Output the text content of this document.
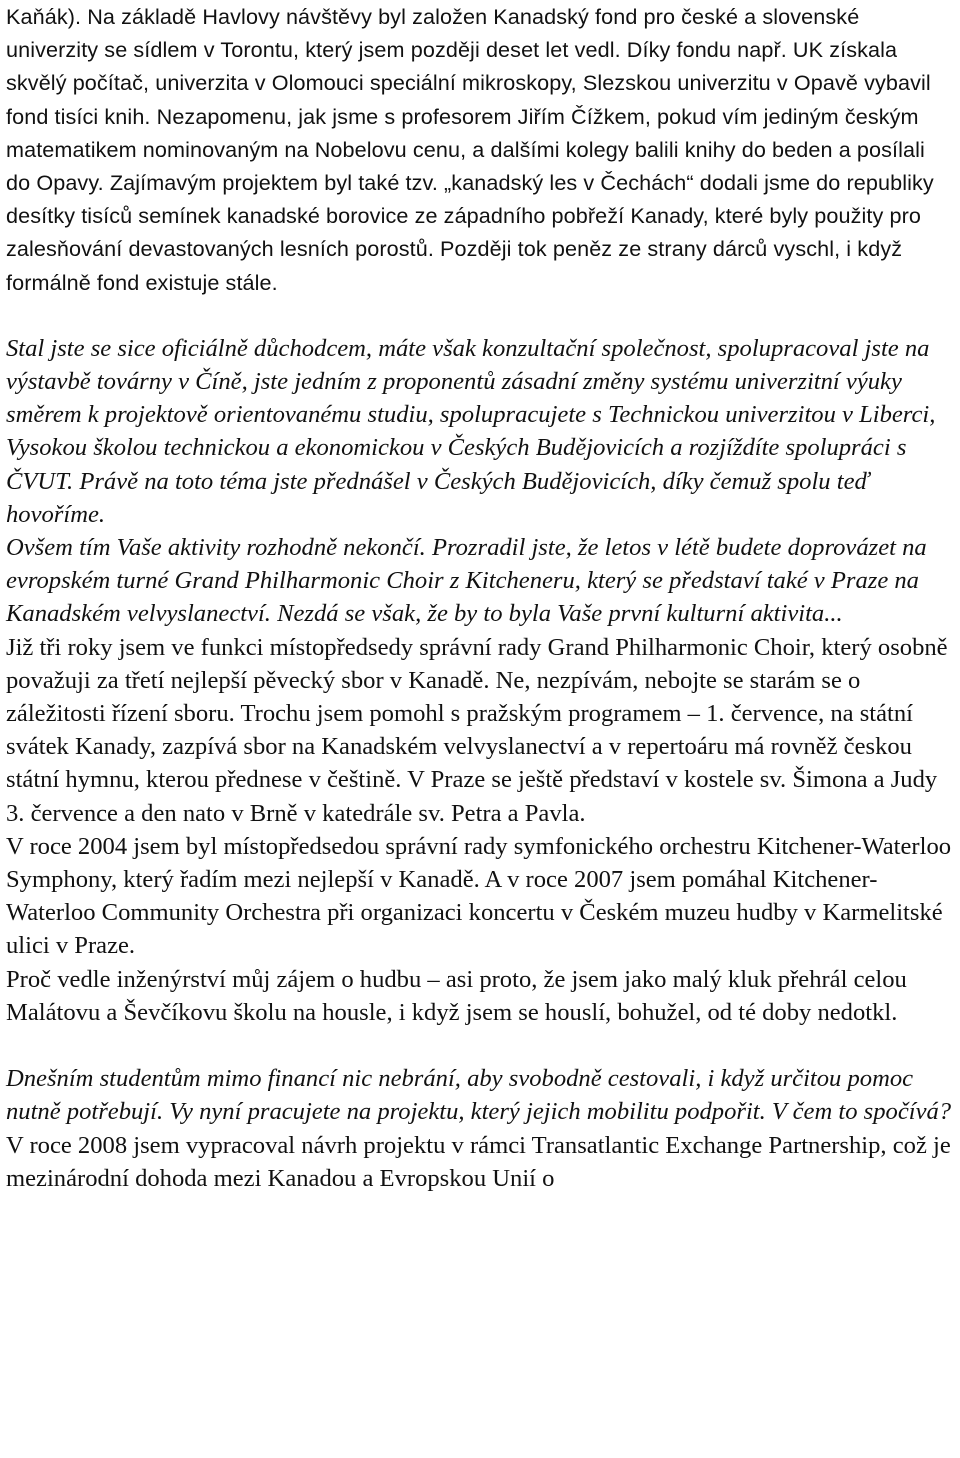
Kaňák). Na základě Havlovy návštěvy byl založen Kanadský fond pro české a slovenské univerzity se sídlem v Torontu, který jsem později deset let vedl. Díky fondu např. UK získala skvělý počítač, univerzita v Olomouci speciální mikroskopy, Slezskou univerzitu v Opavě vybavil fond tisíci knih. Nezapomenu, jak jsme s profesorem Jiřím Čížkem, pokud vím jediným českým matematikem nominovaným na Nobelovu cenu, a dalšími kolegy balili knihy do beden a posílali do Opavy. Zajímavým projektem byl také tzv. „kanadský les v Čechách“ dodali jsme do republiky desítky tisíců semínek kanadské borovice ze západního pobřeží Kanady, které byly použity pro zalesňování devastovaných lesních porostů. Později tok peněz ze strany dárců vyschl, i když formálně fond existuje stále.

Stal jste se sice oficiálně důchodcem, máte však konzultační společnost, spolupracoval jste na výstavbě továrny v Číně, jste jedním z proponentů zásadní změny systému univerzitní výuky směrem k projektově orientovanému studiu, spolupracujete s Technickou univerzitou v Liberci, Vysokou školou technickou a ekonomickou v Českých Budějovicích a rozjíždíte spolupráci s ČVUT. Právě na toto téma jste přednášel v Českých Budějovicích, díky čemuž spolu teď hovoříme.

Ovšem tím Vaše aktivity rozhodně nekončí. Prozradil jste, že letos v létě budete doprovázet na evropském turné Grand Philharmonic Choir z Kitcheneru, který se představí také v Praze na Kanadském velvyslanectví. Nezdá se však, že by to byla Vaše první kulturní aktivita...

Již tři roky jsem ve funkci místopředsedy správní rady Grand Philharmonic Choir, který osobně považuji za třetí nejlepší pěvecký sbor v Kanadě. Ne, nezpívám, nebojte se starám se o záležitosti řízení sboru. Trochu jsem pomohl s pražským programem – 1. července, na státní svátek Kanady, zazpívá sbor na Kanadském velvyslanectví a v repertoáru má rovněž českou státní hymnu, kterou přednese v češtině. V Praze se ještě představí v kostele sv. Šimona a Judy 3. července a den nato v Brně v katedrále sv. Petra a Pavla.

V roce 2004 jsem byl místopředsedou správní rady symfonického orchestru Kitchener-Waterloo Symphony, který řadím mezi nejlepší v Kanadě. A v roce 2007 jsem pomáhal Kitchener-Waterloo Community Orchestra při organizaci koncertu v Českém muzeu hudby v Karmelitské ulici v Praze.

Proč vedle inženýrství můj zájem o hudbu – asi proto, že jsem jako malý kluk přehrál celou Malátovu a Ševčíkovu školu na housle, i když jsem se houslí, bohužel, od té doby nedotkl.

Dnešním studentům mimo financí nic nebrání, aby svobodně cestovali, i když určitou pomoc nutně potřebují. Vy nyní pracujete na projektu, který jejich mobilitu podpořit. V čem to spočívá?

V roce 2008 jsem vypracoval návrh projektu v rámci Transatlantic Exchange Partnership, což je mezinárodní dohoda mezi Kanadou a Evropskou Unií o
